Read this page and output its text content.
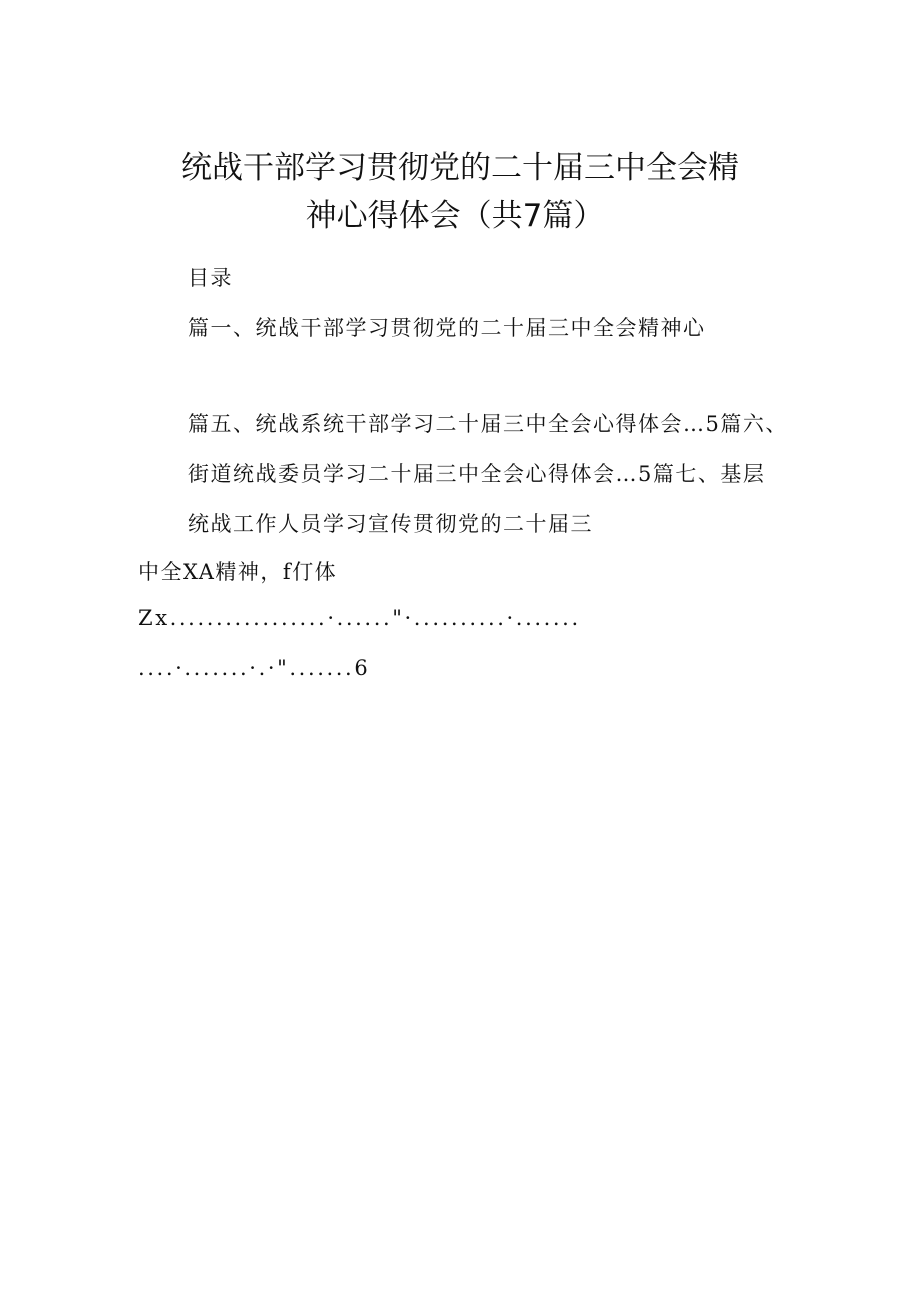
统战干部学习贯彻党的二十届三中全会精
神心得体会（共7篇）
目录
篇一、统战干部学习贯彻党的二十届三中全会精神心
篇五、统战系统干部学习二十届三中全会心得体会…5篇六、
街道统战委员学习二十届三中全会心得体会…5篇七、基层
统战工作人员学习宣传贯彻党的二十届三
中全XA精神，f仃体
Zx.................·......"·..........·.......
....·.......·.·".......6
